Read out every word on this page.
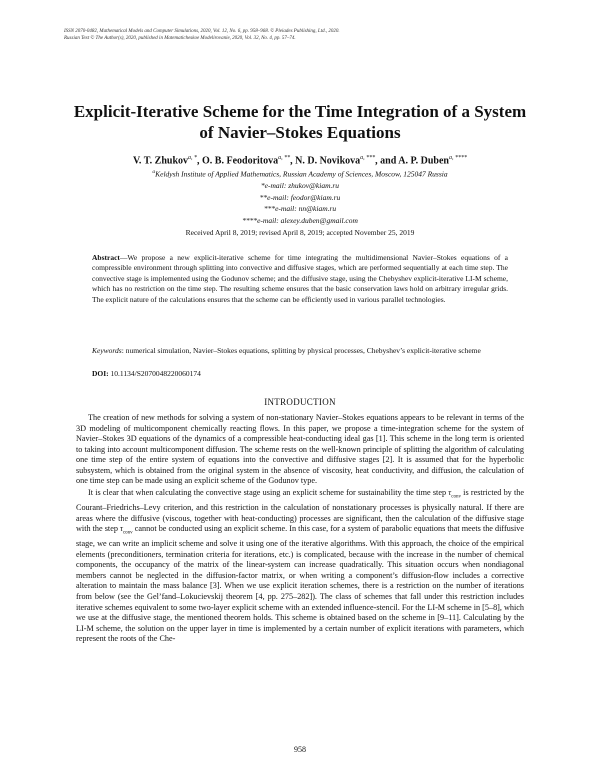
ISSN 2070-0482, Mathematical Models and Computer Simulations, 2020, Vol. 12, No. 6, pp. 958–968. © Pleiades Publishing, Ltd., 2020.
Russian Text © The Author(s), 2020, published in Matematicheskoe Modelirovanie, 2020, Vol. 32, No. 4, pp. 57–74.
Explicit-Iterative Scheme for the Time Integration of a System
of Navier–Stokes Equations
V. T. Zhukov$^{a, *}$, O. B. Feodoritova$^{a, **}$, N. D. Novikova$^{a, ***}$, and A. P. Duben$^{a, ****}$
$^a$Keldysh Institute of Applied Mathematics, Russian Academy of Sciences, Moscow, 125047 Russia
*e-mail: zhukov@kiam.ru
**e-mail: feodor@kiam.ru
***e-mail: nn@kiam.ru
****e-mail: alexey.duben@gmail.com
Received April 8, 2019; revised April 8, 2019; accepted November 25, 2019

Abstract—We propose a new explicit-iterative scheme for time integrating the multidimensional Navier–Stokes equations of a compressible environment through splitting into convective and diffusive stages, which are performed sequentially at each time step. The convective stage is implemented using the Godunov scheme; and the diffusive stage, using the Chebyshev explicit-iterative LI-M scheme, which has no restriction on the time step. The resulting scheme ensures that the basic conservation laws hold on arbitrary irregular grids. The explicit nature of the calculations ensures that the scheme can be efficiently used in various parallel technologies.

Keywords: numerical simulation, Navier–Stokes equations, splitting by physical processes, Chebyshev’s explicit-iterative scheme

DOI: 10.1134/S2070048220060174
INTRODUCTION

The creation of new methods for solving a system of non-stationary Navier–Stokes equations appears to be relevant in terms of the 3D modeling of multicomponent chemically reacting flows. In this paper, we propose a time-integration scheme for the system of Navier–Stokes 3D equations of the dynamics of a compressible heat-conducting ideal gas [1]. This scheme in the long term is oriented to taking into account multicomponent diffusion. The scheme rests on the well-known principle of splitting the algorithm of calculating one time step of the entire system of equations into the convective and diffusive stages [2]. It is assumed that for the hyperbolic subsystem, which is obtained from the original system in the absence of viscosity, heat conductivity, and diffusion, the calculation of one time step can be made using an explicit scheme of the Godunov type.

It is clear that when calculating the convective stage using an explicit scheme for sustainability the time step $\tau_{conv}$ is restricted by the Courant–Friedrichs–Levy criterion, and this restriction in the calculation of nonstationary processes is physically natural. If there are areas where the diffusive (viscous, together with heat-conducting) processes are significant, then the calculation of the diffusive stage with the step $\tau_{conv}$ cannot be conducted using an explicit scheme. In this case, for a system of parabolic equations that meets the diffusive stage, we can write an implicit scheme and solve it using one of the iterative algorithms. With this approach, the choice of the empirical elements (preconditioners, termination criteria for iterations, etc.) is complicated, because with the increase in the number of chemical components, the occupancy of the matrix of the linear-system can increase quadratically. This situation occurs when nondiagonal members cannot be neglected in the diffusion-factor matrix, or when writing a component’s diffusion-flow includes a corrective alteration to maintain the mass balance [3]. When we use explicit iteration schemes, there is a restriction on the number of iterations from below (see the Gel’fand–Lokucievskij theorem [4, pp. 275–282]). The class of schemes that fall under this restriction includes iterative schemes equivalent to some two-layer explicit scheme with an extended influence-stencil. For the LI-M scheme in [5–8], which we use at the diffusive stage, the mentioned theorem holds. This scheme is obtained based on the scheme in [9–11]. Calculating by the LI-M scheme, the solution on the upper layer in time is implemented by a certain number of explicit iterations with parameters, which represent the roots of the Che-

958
